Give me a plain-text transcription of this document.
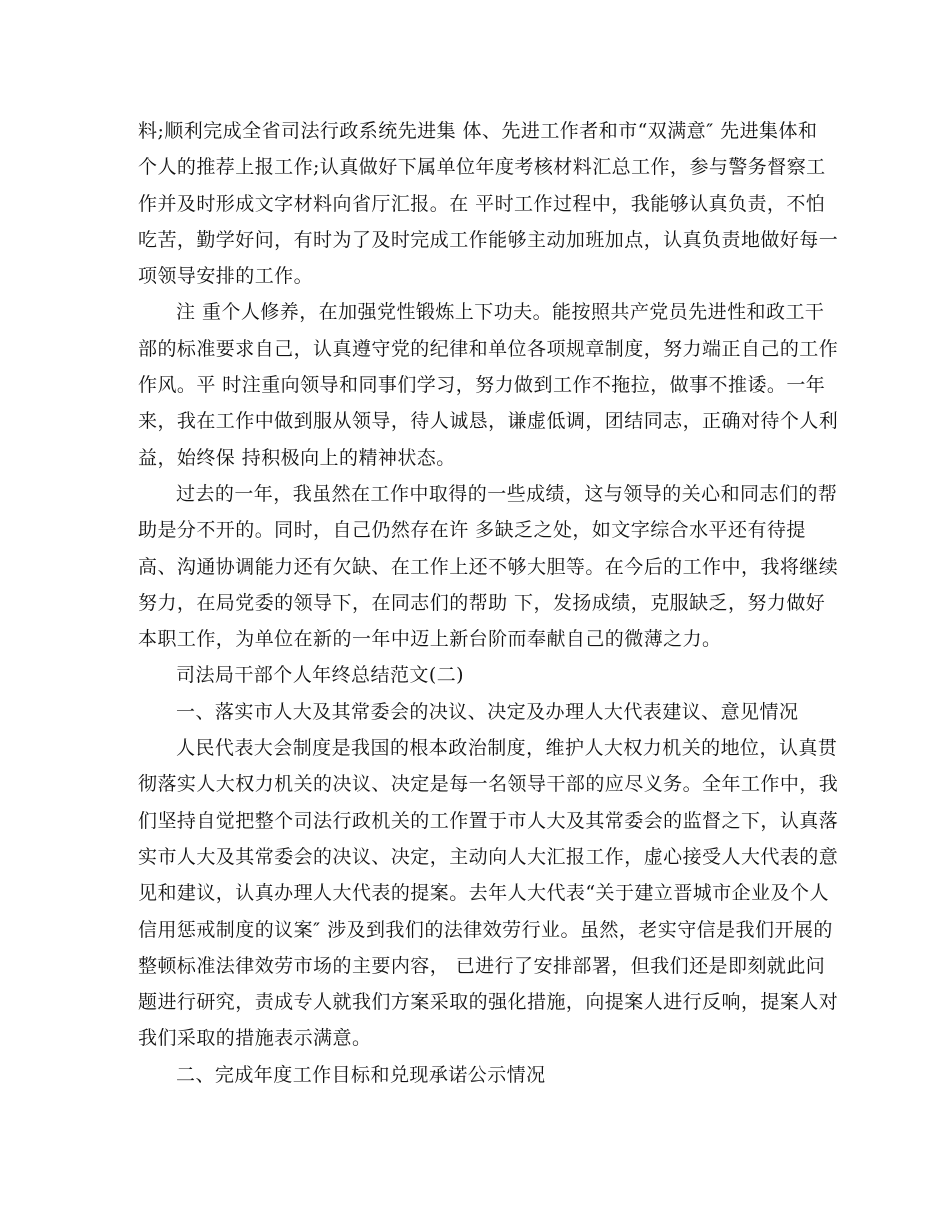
料;顺利完成全省司法行政系统先进集 体、先进工作者和市“双满意″ 先进集体和
个人的推荐上报工作;认真做好下属单位年度考核材料汇总工作，参与警务督察工
作并及时形成文字材料向省厅汇报。在 平时工作过程中，我能够认真负责，不怕
吃苦，勤学好问，有时为了及时完成工作能够主动加班加点，认真负责地做好每一
项领导安排的工作。
注 重个人修养，在加强党性锻炼上下功夫。能按照共产党员先进性和政工干
部的标准要求自己，认真遵守党的纪律和单位各项规章制度，努力端正自己的工作
作风。平 时注重向领导和同事们学习，努力做到工作不拖拉，做事不推诿。一年
来，我在工作中做到服从领导，待人诚恳，谦虚低调，团结同志，正确对待个人利
益，始终保 持积极向上的精神状态。
过去的一年，我虽然在工作中取得的一些成绩，这与领导的关心和同志们的帮
助是分不开的。同时，自己仍然存在许 多缺乏之处，如文字综合水平还有待提
高、沟通协调能力还有欠缺、在工作上还不够大胆等。在今后的工作中，我将继续
努力，在局党委的领导下，在同志们的帮助 下，发扬成绩，克服缺乏，努力做好
本职工作，为单位在新的一年中迈上新台阶而奉献自己的微薄之力。
司法局干部个人年终总结范文(二)
一、落实市人大及其常委会的决议、决定及办理人大代表建议、意见情况
人民代表大会制度是我国的根本政治制度，维护人大权力机关的地位，认真贯
彻落实人大权力机关的决议、决定是每一名领导干部的应尽义务。全年工作中，我
们坚持自觉把整个司法行政机关的工作置于市人大及其常委会的监督之下，认真落
实市人大及其常委会的决议、决定，主动向人大汇报工作，虚心接受人大代表的意
见和建议，认真办理人大代表的提案。去年人大代表“关于建立晋城市企业及个人
信用惩戒制度的议案″ 涉及到我们的法律效劳行业。虽然，老实守信是我们开展的
整顿标准法律效劳市场的主要内容， 已进行了安排部署，但我们还是即刻就此问
题进行研究，责成专人就我们方案采取的强化措施，向提案人进行反响，提案人对
我们采取的措施表示满意。
二、完成年度工作目标和兑现承诺公示情况
